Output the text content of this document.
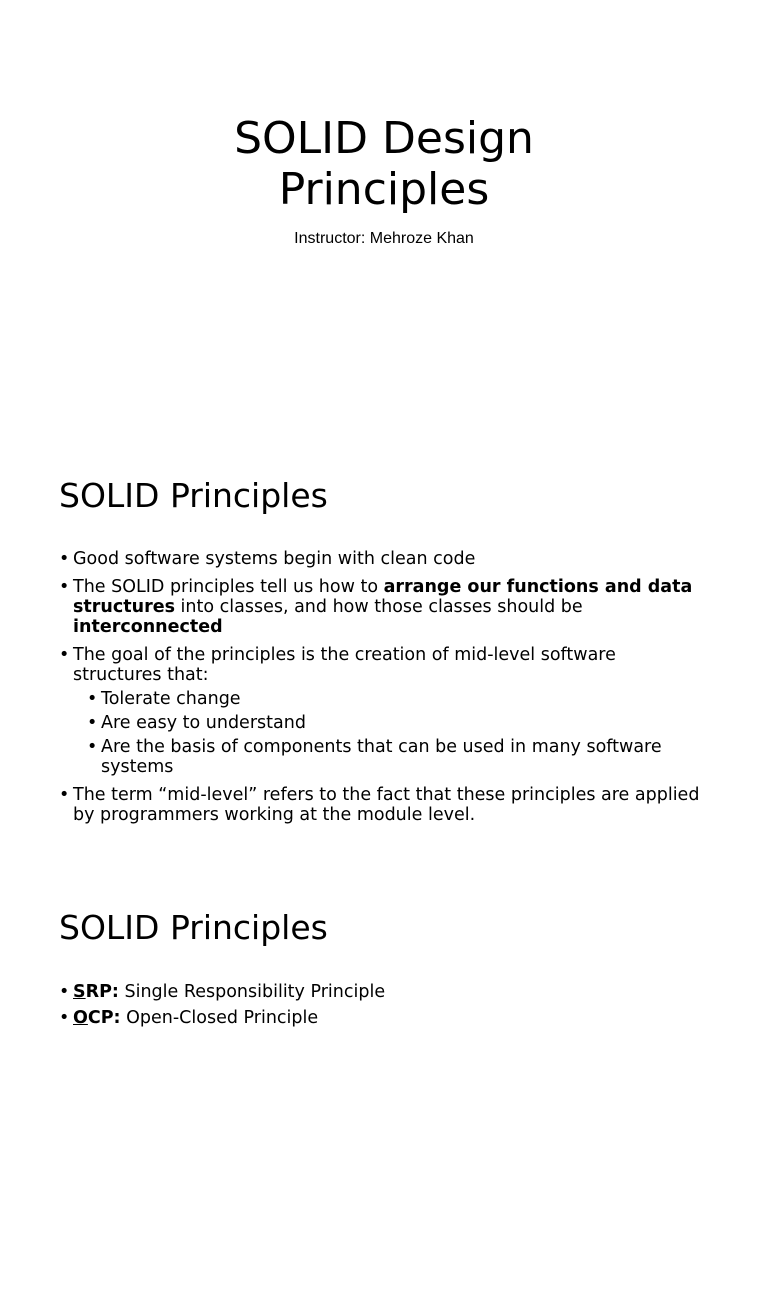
SOLID Design
Principles
Instructor: Mehroze Khan
SOLID Principles
• Good software systems begin with clean code
• The SOLID principles tell us how to arrange our functions and data structures into classes, and how those classes should be interconnected
• The goal of the principles is the creation of mid-level software structures that:
• Tolerate change
• Are easy to understand
• Are the basis of components that can be used in many software systems
• The term “mid-level” refers to the fact that these principles are applied by programmers working at the module level.
SOLID Principles
• SRP: Single Responsibility Principle
• OCP: Open-Closed Principle
